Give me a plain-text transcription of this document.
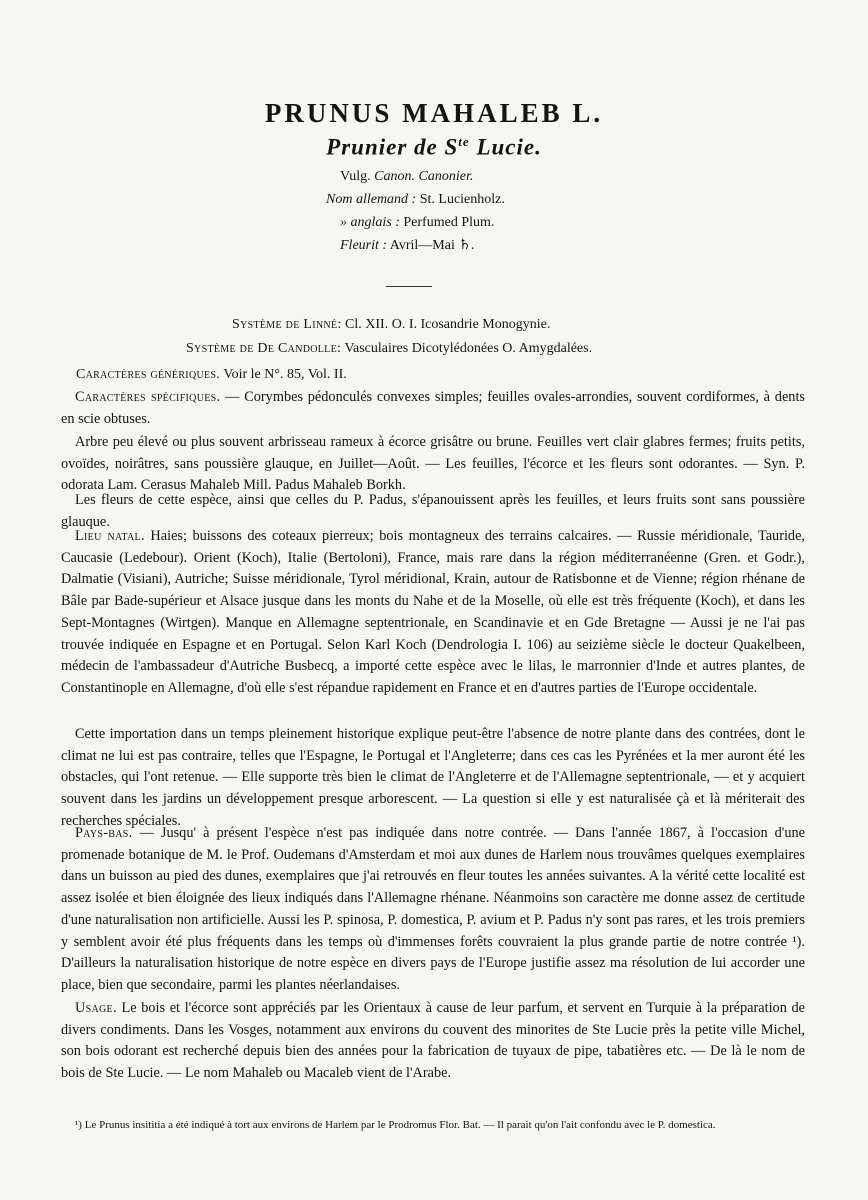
PRUNUS MAHALEB L.
Prunier de $S^{te}$ Lucie.
Vulg. Canon. Canonier.
Nom allemand : St. Lucienholz.
» anglais : Perfumed Plum.
Fleurit : Avril—Mai ♄.
Système de Linné: Cl. XII. O. I. Icosandrie Monogynie.
Système de De Candolle: Vasculaires Dicotylédonées O. Amygdalées.
Caractères génériques. Voir le N°. 85, Vol. II.
Caractères spécifiques. — Corymbes pédonculés convexes simples; feuilles ovales-arrondies, souvent cordiformes, à dents en scie obtuses.
Arbre peu élevé ou plus souvent arbrisseau rameux à écorce grisâtre ou brune. Feuilles vert clair glabres fermes; fruits petits, ovoïdes, noirâtres, sans poussière glauque, en Juillet—Août. — Les feuilles, l'écorce et les fleurs sont odorantes. — Syn. P. odorata Lam. Cerasus Mahaleb Mill. Padus Mahaleb Borkh.
Les fleurs de cette espèce, ainsi que celles du P. Padus, s'épanouissent après les feuilles, et leurs fruits sont sans poussière glauque.
Lieu natal. Haies; buissons des coteaux pierreux; bois montagneux des terrains calcaires. — Russie méridionale, Tauride, Caucasie (Ledebour). Orient (Koch), Italie (Bertoloni), France, mais rare dans la région méditerranéenne (Gren. et Godr.), Dalmatie (Visiani), Autriche; Suisse méridionale, Tyrol méridional, Krain, autour de Ratisbonne et de Vienne; région rhénane de Bâle par Bade-supérieur et Alsace jusque dans les monts du Nahe et de la Moselle, où elle est très fréquente (Koch), et dans les Sept-Montagnes (Wirtgen). Manque en Allemagne septentrionale, en Scandinavie et en Gde Bretagne — Aussi je ne l'ai pas trouvée indiquée en Espagne et en Portugal. Selon Karl Koch (Dendrologia I. 106) au seizième siècle le docteur Quakelbeen, médecin de l'ambassadeur d'Autriche Busbecq, a importé cette espèce avec le lilas, le marronnier d'Inde et autres plantes, de Constantinople en Allemagne, d'où elle s'est répandue rapidement en France et en d'autres parties de l'Europe occidentale.
Cette importation dans un temps pleinement historique explique peut-être l'absence de notre plante dans des contrées, dont le climat ne lui est pas contraire, telles que l'Espagne, le Portugal et l'Angleterre; dans ces cas les Pyrénées et la mer auront été les obstacles, qui l'ont retenue. — Elle supporte très bien le climat de l'Angleterre et de l'Allemagne septentrionale, — et y acquiert souvent dans les jardins un développement presque arborescent. — La question si elle y est naturalisée çà et là mériterait des recherches spéciales.
Pays-bas. — Jusqu' à présent l'espèce n'est pas indiquée dans notre contrée. — Dans l'année 1867, à l'occasion d'une promenade botanique de M. le Prof. Oudemans d'Amsterdam et moi aux dunes de Harlem nous trouvâmes quelques exemplaires dans un buisson au pied des dunes, exemplaires que j'ai retrouvés en fleur toutes les années suivantes. A la vérité cette localité est assez isolée et bien éloignée des lieux indiqués dans l'Allemagne rhénane. Néanmoins son caractère me donne assez de certitude d'une naturalisation non artificielle. Aussi les P. spinosa, P. domestica, P. avium et P. Padus n'y sont pas rares, et les trois premiers y semblent avoir été plus fréquents dans les temps où d'immenses forêts couvraient la plus grande partie de notre contrée ¹). D'ailleurs la naturalisation historique de notre espèce en divers pays de l'Europe justifie assez ma résolution de lui accorder une place, bien que secondaire, parmi les plantes néerlandaises.
Usage. Le bois et l'écorce sont appréciés par les Orientaux à cause de leur parfum, et servent en Turquie à la préparation de divers condiments. Dans les Vosges, notamment aux environs du couvent des minorites de Ste Lucie près la petite ville Michel, son bois odorant est recherché depuis bien des années pour la fabrication de tuyaux de pipe, tabatières etc. — De là le nom de bois de Ste Lucie. — Le nom Mahaleb ou Macaleb vient de l'Arabe.
¹) Le Prunus insititia a été indiqué à tort aux environs de Harlem par le Prodromus Flor. Bat. — Il parait qu'on l'ait confondu avec le P. domestica.
